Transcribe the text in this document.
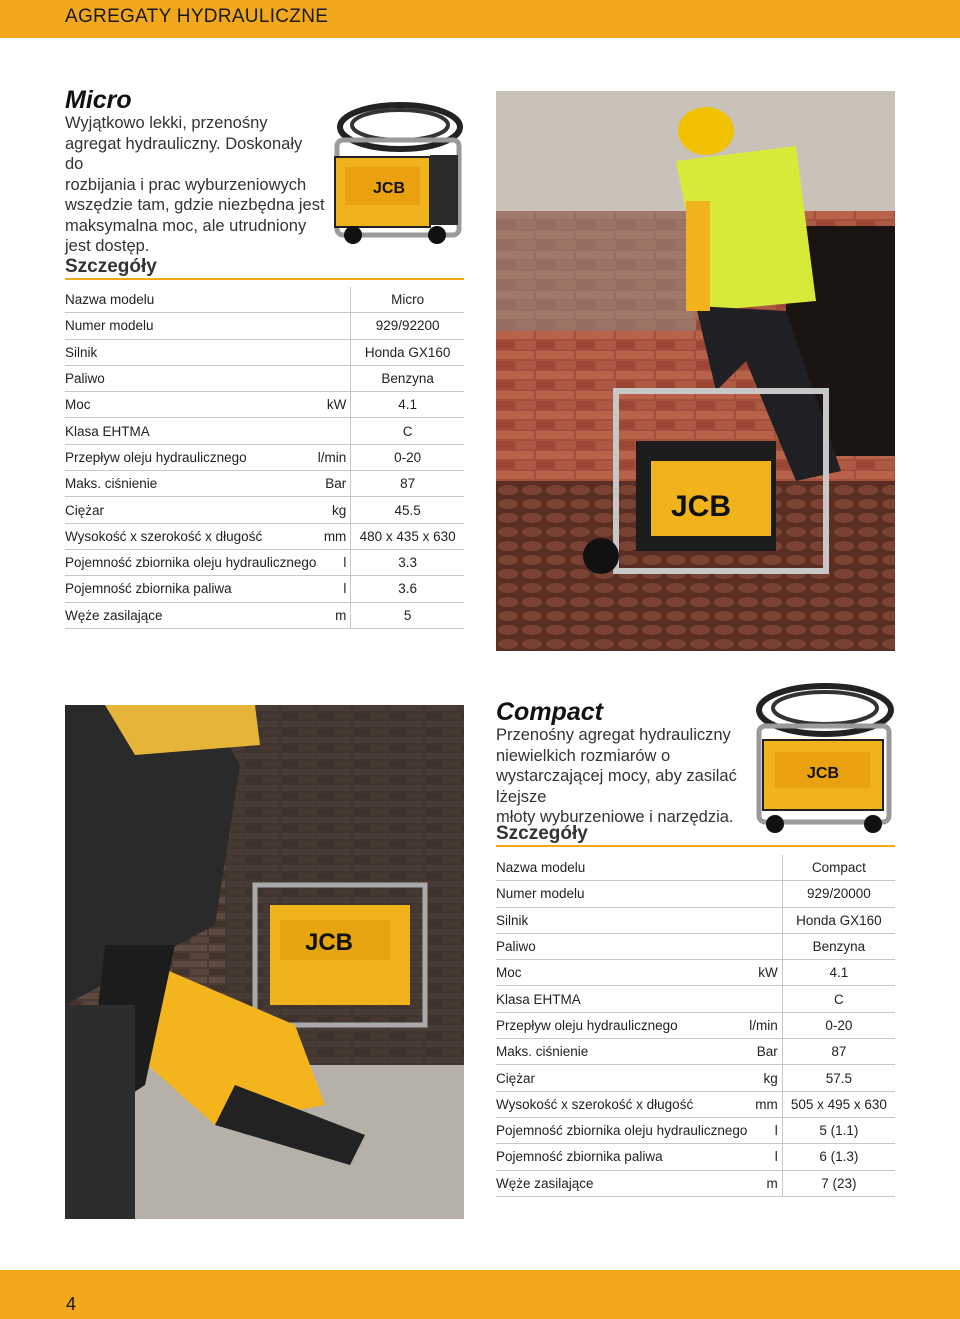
AGREGATY HYDRAULICZNE
Micro
Wyjątkowo lekki, przenośny
agregat hydrauliczny. Doskonały do
rozbijania i prac wyburzeniowych
wszędzie tam, gdzie niezbędna jest
maksymalna moc, ale utrudniony
jest dostęp.
JCB
Szczegóły
Nazwa modelu		Micro
Numer modelu		929/92200
Silnik		Honda GX160
Paliwo		Benzyna
Moc	kW	4.1
Klasa EHTMA		C
Przepływ oleju hydraulicznego	l/min	0-20
Maks. ciśnienie	Bar	87
Ciężar	kg	45.5
Wysokość x szerokość x długość	mm	480 x 435 x 630
Pojemność zbiornika oleju hydraulicznego	l	3.3
Pojemność zbiornika paliwa	l	3.6
Węże zasilające	m	5
JCB
JCB
Compact
Przenośny agregat hydrauliczny
niewielkich rozmiarów o
wystarczającej mocy, aby zasilać lżejsze
młoty wyburzeniowe i narzędzia.
JCB
Szczegóły
Nazwa modelu		Compact
Numer modelu		929/20000
Silnik		Honda GX160
Paliwo		Benzyna
Moc	kW	4.1
Klasa EHTMA		C
Przepływ oleju hydraulicznego	l/min	0-20
Maks. ciśnienie	Bar	87
Ciężar	kg	57.5
Wysokość x szerokość x długość	mm	505 x 495 x 630
Pojemność zbiornika oleju hydraulicznego	l	5 (1.1)
Pojemność zbiornika paliwa	l	6 (1.3)
Węże zasilające	m	7 (23)
4
